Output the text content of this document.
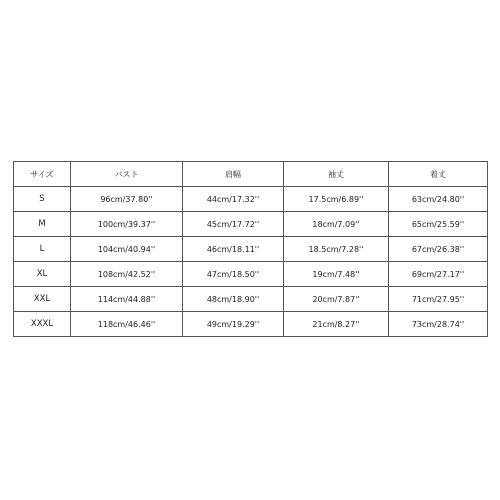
サイズ	バスト	肩幅	袖丈	着丈
S	96cm/37.80''	44cm/17.32''	17.5cm/6.89''	63cm/24.80''
M	100cm/39.37''	45cm/17.72''	18cm/7.09''	65cm/25.59''
L	104cm/40.94''	46cm/18.11''	18.5cm/7.28''	67cm/26.38''
XL	108cm/42.52''	47cm/18.50''	19cm/7.48''	69cm/27.17''
XXL	114cm/44.88''	48cm/18.90''	20cm/7.87''	71cm/27.95''
XXXL	118cm/46.46''	49cm/19.29''	21cm/8.27''	73cm/28.74''
